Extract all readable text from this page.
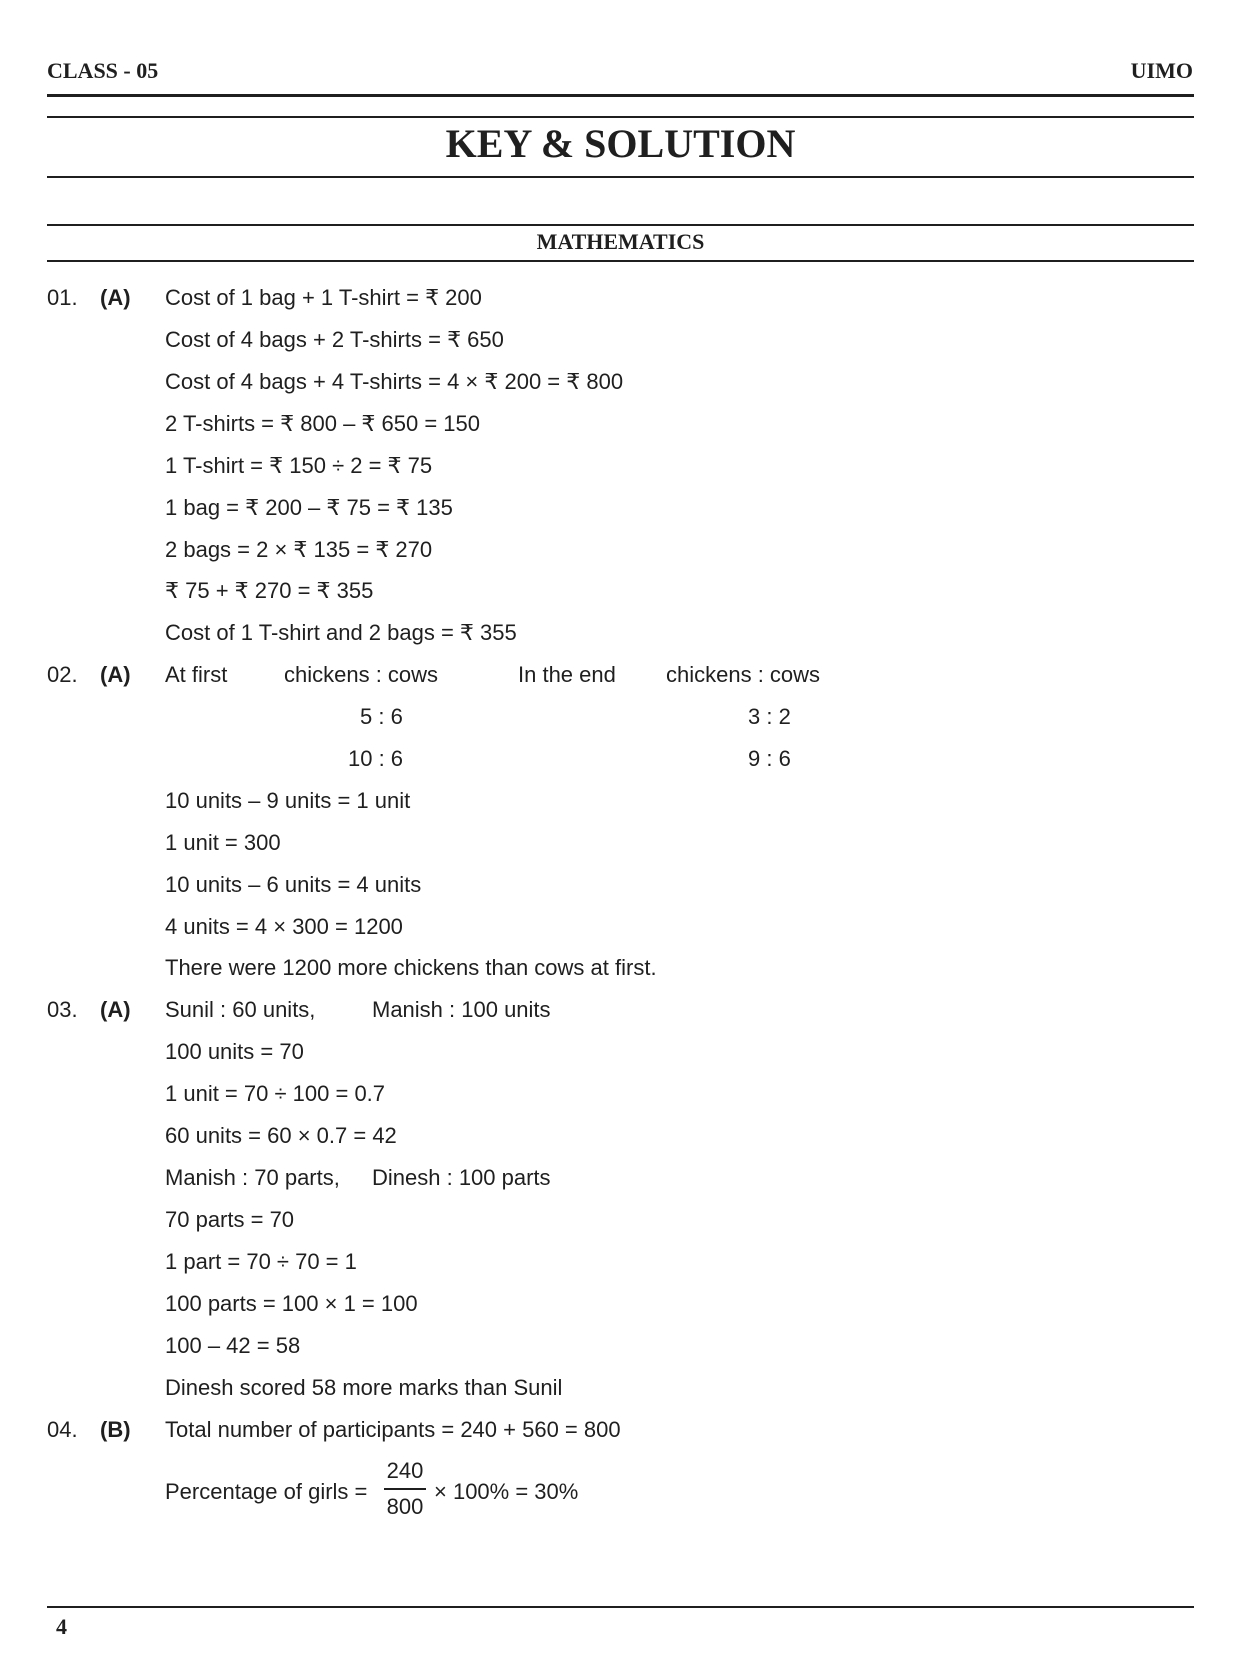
CLASS - 05	UIMO
KEY & SOLUTION
MATHEMATICS
01. (A) Cost of 1 bag + 1 T-shirt = ₹ 200
Cost of 4 bags + 2 T-shirts = ₹ 650
Cost of 4 bags + 4 T-shirts = 4 × ₹ 200 = ₹ 800
2 T-shirts = ₹ 800 – ₹ 650 = 150
1 T-shirt = ₹ 150 ÷ 2 = ₹ 75
1 bag = ₹ 200 – ₹ 75 = ₹ 135
2 bags = 2 × ₹ 135 = ₹ 270
₹ 75 + ₹ 270 = ₹ 355
Cost of 1 T-shirt and 2 bags = ₹ 355
02. (A) At first	chickens : cows	In the end chickens : cows
5 : 6	3 : 2
10 : 6	9 : 6
10 units – 9 units = 1 unit
1 unit = 300
10 units – 6 units = 4 units
4 units = 4 × 300 = 1200
There were 1200 more chickens than cows at first.
03. (A) Sunil : 60 units,	Manish : 100 units
100 units = 70
1 unit = 70 ÷ 100 = 0.7
60 units = 60 × 0.7 = 42
Manish : 70 parts, Dinesh : 100 parts
70 parts = 70
1 part = 70 ÷ 70 = 1
100 parts = 100 × 1 = 100
100 – 42 = 58
Dinesh scored 58 more marks than Sunil
04. (B) Total number of participants = 240 + 560 = 800
Percentage of girls =
240
800
× 100% = 30%
4
